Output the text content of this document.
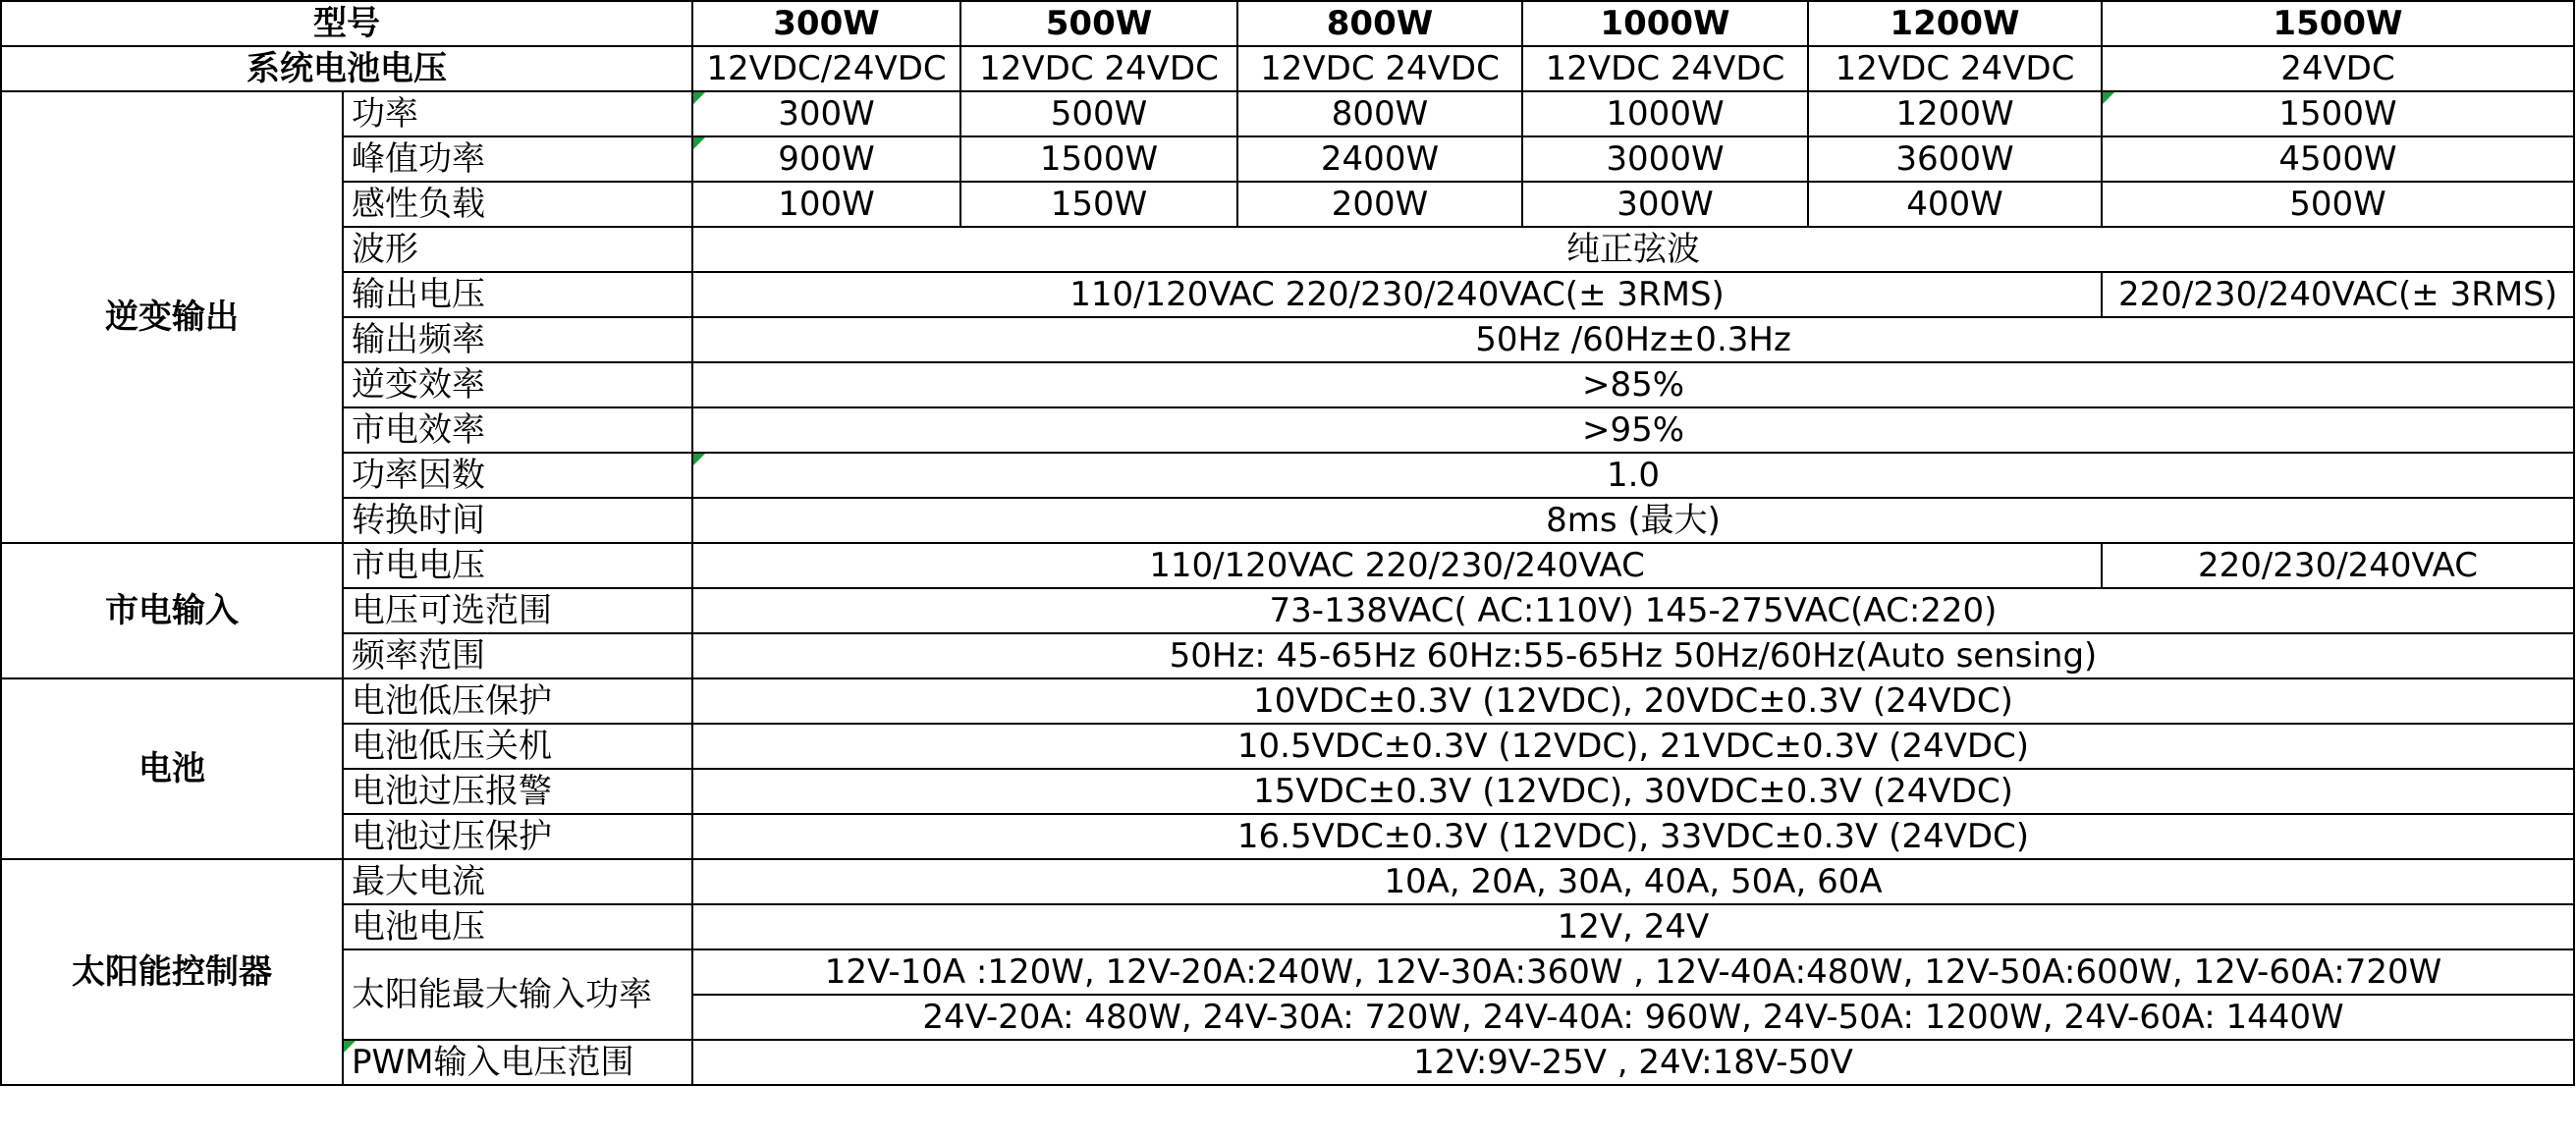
型号		300W	500W	800W	1000W	1200W	1500W
系统电池电压		12VDC/24VDC	12VDC 24VDC	12VDC 24VDC	12VDC 24VDC	12VDC 24VDC	24VDC
逆变输出	功率	300W	500W	800W	1000W	1200W	1500W
	峰值功率	900W	1500W	2400W	3000W	3600W	4500W
	感性负载	100W	150W	200W	300W	400W	500W
	波形	纯正弦波					
	输出电压	110/120VAC 220/230/240VAC(± 3RMS)					220/230/240VAC(± 3RMS)
	输出频率	50Hz /60Hz±0.3Hz					
	逆变效率	>85%					
	市电效率	>95%					
	功率因数	1.0					
	转换时间	8ms (最大)					
市电输入	市电电压	110/120VAC 220/230/240VAC					220/230/240VAC
	电压可选范围	73-138VAC( AC:110V) 145-275VAC(AC:220)					
	频率范围	50Hz: 45-65Hz 60Hz:55-65Hz 50Hz/60Hz(Auto sensing)					
电池	电池低压保护	10VDC±0.3V (12VDC), 20VDC±0.3V (24VDC)					
	电池低压关机	10.5VDC±0.3V (12VDC), 21VDC±0.3V (24VDC)					
	电池过压报警	15VDC±0.3V (12VDC), 30VDC±0.3V (24VDC)					
	电池过压保护	16.5VDC±0.3V (12VDC), 33VDC±0.3V (24VDC)					
太阳能控制器	最大电流	10A, 20A, 30A, 40A, 50A, 60A					
	电池电压	12V, 24V					
	太阳能最大输入功率	12V-10A :120W, 12V-20A:240W, 12V-30A:360W , 12V-40A:480W, 12V-50A:600W, 12V-60A:720W					
		24V-20A: 480W, 24V-30A: 720W, 24V-40A: 960W, 24V-50A: 1200W, 24V-60A: 1440W					

PWM输入电压范围	12V:9V-25V , 24V:18V-50V					
